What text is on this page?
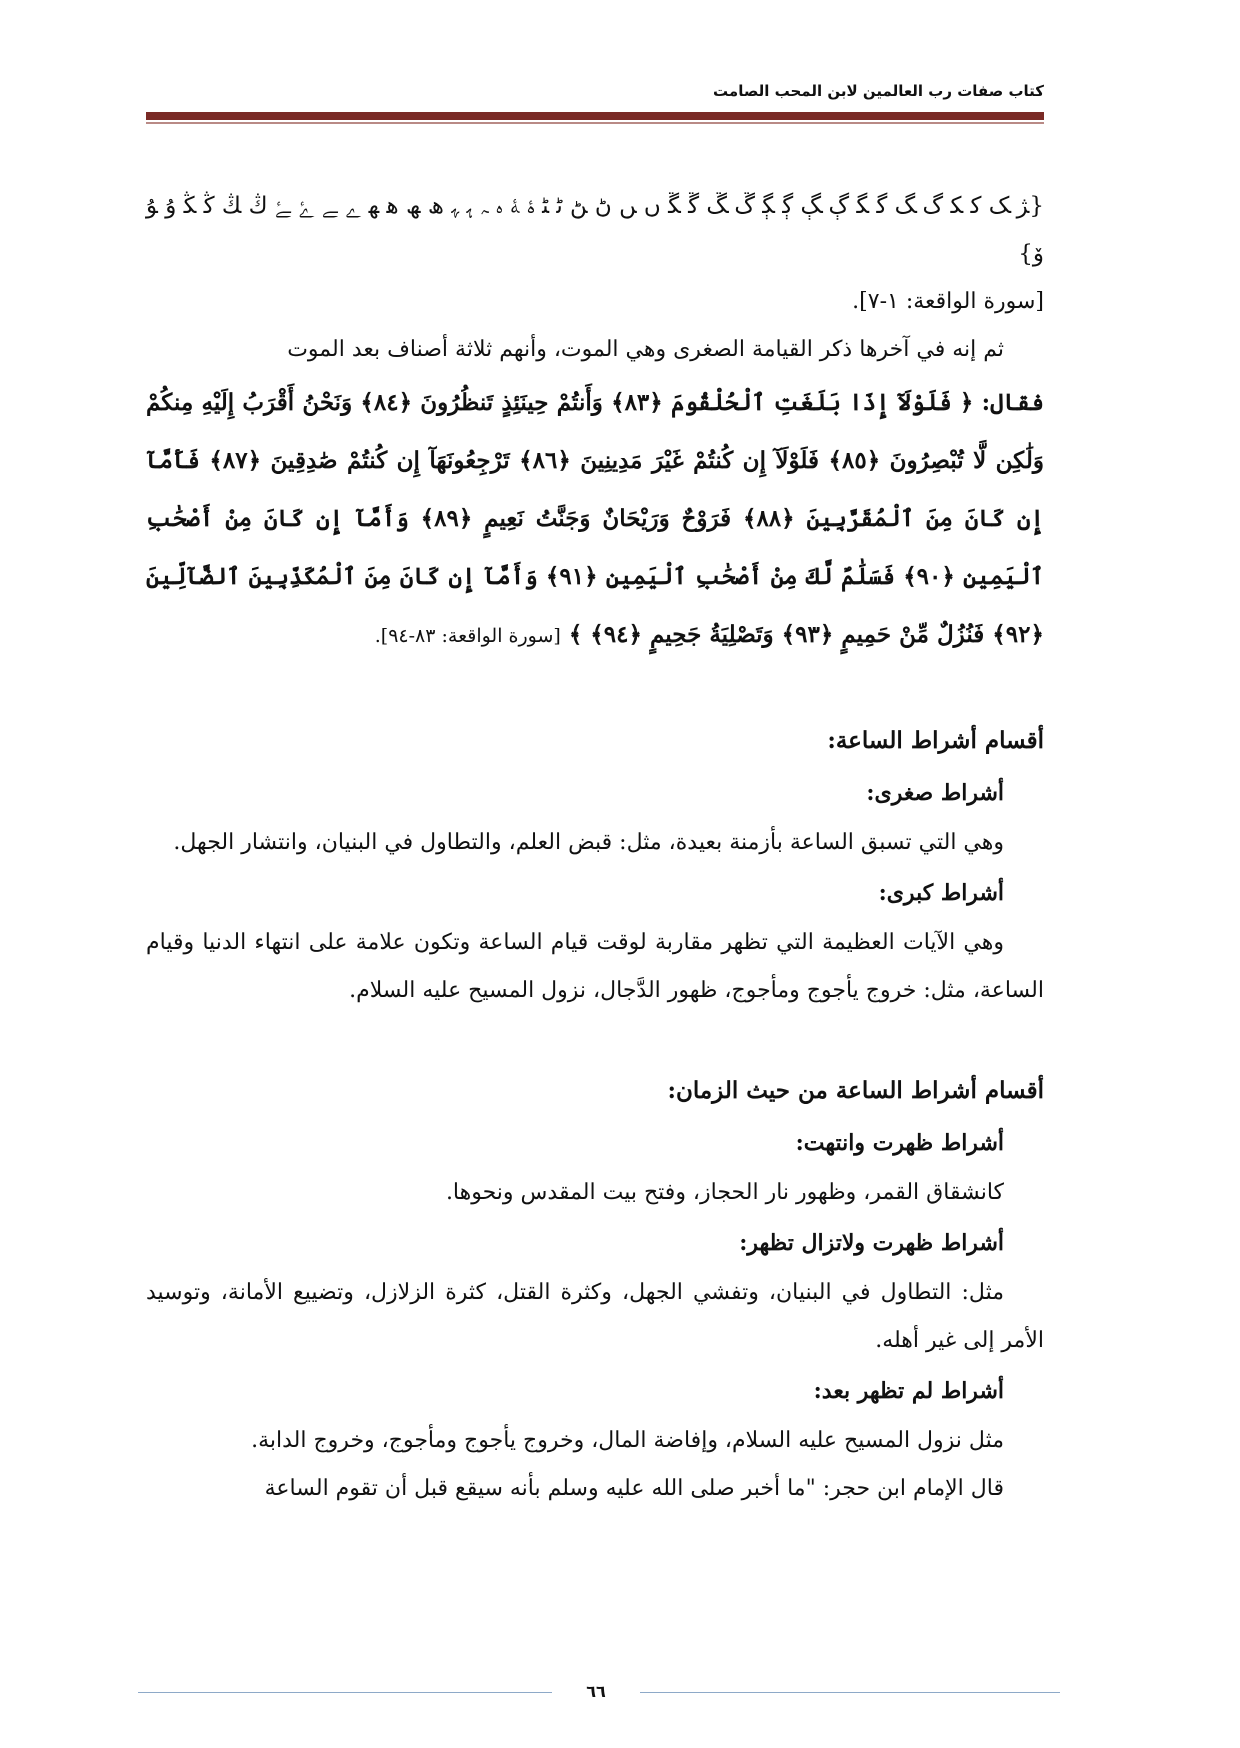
كتاب صفات رب العالمين لابن المحب الصامت

{ﮋ ﮏ ﮐ ﮑ ﮒ ﮓ ﮔ ﮕ ﮖ ﮗ ﮘ ﮙ ﮚ ﮛ ﮜ ﮝ ﮞ ﮟ ﮠ ﮡ ﮢ ﮣ ﮤ ﮥ ﮦ ﮧ ﮨ ﮩ ﮪ ﮫ ﮬ ﮭ ﮮ ﮯ ﮰ ﮱ ﯓ ﯔ ﯕ ﯖ ﯗ ﯘ ﯙ}

[سورة الواقعة: ١-٧].

ثم إنه في آخرها ذكر القيامة الصغرى وهي الموت، وأنهم ثلاثة أصناف بعد الموت

فقال: ﴿ فَلَوْلَآ إِذَا بَلَغَتِ ٱلْحُلْقُومَ ﴿٨٣﴾ وَأَنتُمْ حِينَئِذٍ تَنظُرُونَ ﴿٨٤﴾ وَنَحْنُ أَقْرَبُ إِلَيْهِ مِنكُمْ وَلَٰكِن لَّا تُبْصِرُونَ ﴿٨٥﴾ فَلَوْلَآ إِن كُنتُمْ غَيْرَ مَدِينِينَ ﴿٨٦﴾ تَرْجِعُونَهَآ إِن كُنتُمْ صَٰدِقِينَ ﴿٨٧﴾ فَأَمَّآ إِن كَانَ مِنَ ٱلْمُقَرَّبِينَ ﴿٨٨﴾ فَرَوْحٌ وَرَيْحَانٌ وَجَنَّتُ نَعِيمٍ ﴿٨٩﴾ وَأَمَّآ إِن كَانَ مِنْ أَصْحَٰبِ ٱلْيَمِينِ ﴿٩٠﴾ فَسَلَٰمٌ لَّكَ مِنْ أَصْحَٰبِ ٱلْيَمِينِ ﴿٩١﴾ وَأَمَّآ إِن كَانَ مِنَ ٱلْمُكَذِّبِينَ ٱلضَّآلِّينَ ﴿٩٢﴾ فَنُزُلٌ مِّنْ حَمِيمٍ ﴿٩٣﴾ وَتَصْلِيَةُ جَحِيمٍ ﴿٩٤﴾ ﴾ [سورة الواقعة: ٨٣-٩٤].

أقسام أشراط الساعة:

أشراط صغرى:

وهي التي تسبق الساعة بأزمنة بعيدة، مثل: قبض العلم، والتطاول في البنيان، وانتشار الجهل.

أشراط كبرى:

وهي الآيات العظيمة التي تظهر مقاربة لوقت قيام الساعة وتكون علامة على انتهاء الدنيا وقيام الساعة، مثل: خروج يأجوج ومأجوج، ظهور الدَّجال، نزول المسيح عليه السلام.

أقسام أشراط الساعة من حيث الزمان:

أشراط ظهرت وانتهت:

كانشقاق القمر، وظهور نار الحجاز، وفتح بيت المقدس ونحوها.

أشراط ظهرت ولاتزال تظهر:

مثل: التطاول في البنيان، وتفشي الجهل، وكثرة القتل، كثرة الزلازل، وتضييع الأمانة، وتوسيد الأمر إلى غير أهله.

أشراط لم تظهر بعد:

مثل نزول المسيح عليه السلام، وإفاضة المال، وخروج يأجوج ومأجوج، وخروج الدابة.

قال الإمام ابن حجر: "ما أخبر صلى الله عليه وسلم بأنه سيقع قبل أن تقوم الساعة

٦٦
